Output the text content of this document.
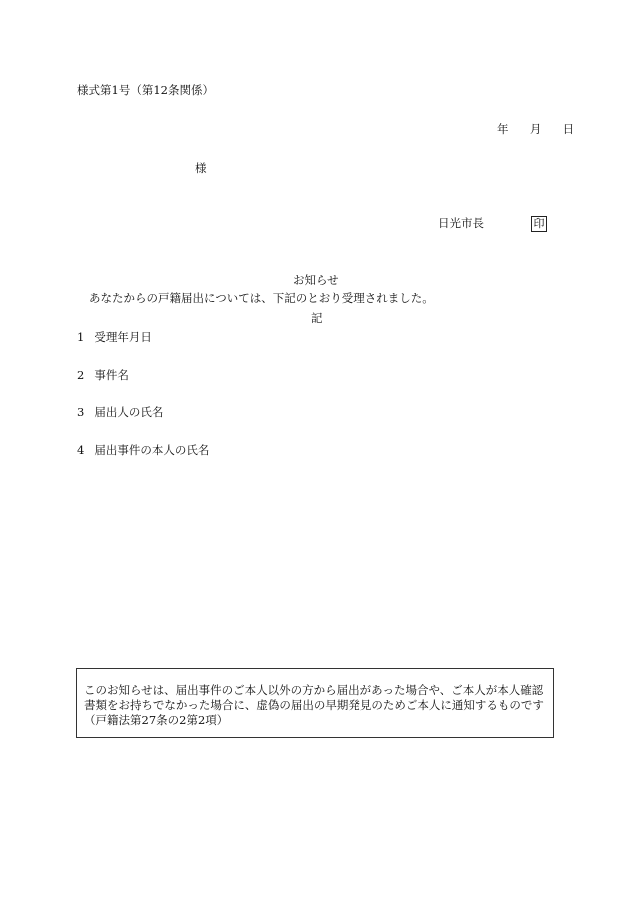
様式第1号（第12条関係）
年 月 日
様
日光市長	印
お知らせ
あなたからの戸籍届出については、下記のとおり受理されました。
記
1 受理年月日
2 事件名
3 届出人の氏名
4 届出事件の本人の氏名
このお知らせは、届出事件のご本人以外の方から届出があった場合や、ご本人が本人確認
書類をお持ちでなかった場合に、虚偽の届出の早期発見のためご本人に通知するものです
（戸籍法第27条の2第2項）
